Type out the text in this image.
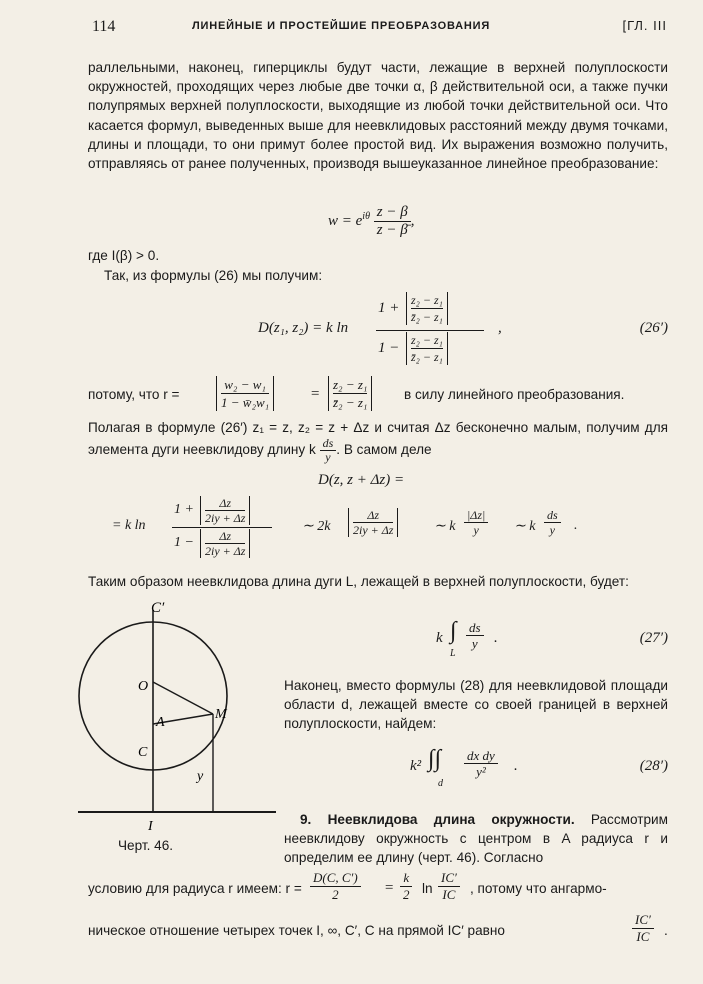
114	ЛИНЕЙНЫЕ И ПРОСТЕЙШИЕ ПРЕОБРАЗОВАНИЯ	[ГЛ. III
раллельными, наконец, гиперциклы будут части, лежащие в верхней полуплоскости окружностей, проходящих через любые две точки α, β действительной оси, а также пучки полупрямых верхней полуплоскости, выходящие из любой точки действительной оси. Что касается формул, выведенных выше для неевклидовых расстояний между двумя точками, длины и площади, то они примут более простой вид. Их выражения возможно получить, отправляясь от ранее полученных, производя вышеуказанное линейное преобразование:
$w = e^{i\theta} \frac{z - \beta}{z - \betā}$ ,
где I(β) > 0.
Так, из формулы (26) мы получим:
D(z₁, z₂) = k ln
$1 + \frac{\text{z₂ − z₁}}{\text{z̄₂ − z₁}}$
$1 - \frac{\text{z₂ − z₁}}{\text{z̄₂ − z₁}}$
,	(26′)
потому, что r =	$\frac{\text{w₂ − w₁}}{\text{1 − w̄₂w₁}} = \frac{\text{z₂ − z₁}}{\text{z̄₂ − z₁}}$ в силу линейного преобразования.
Полагая в формуле (26′) z₁ = z, z₂ = z + Δz и считая Δz бесконечно малым, получим для элемента дуги неевклидову длину k $\frac{ds}{y}$ . В самом деле
D(z, z + Δz) =
= k ln
$1 + \frac{\Delta z}{2iy + \Delta z}$
1 −	Δz
2iy + Δz
∼ 2k
Δz
2iy + Δz	∼ k $\frac{|\Delta z|}{y}$ ∼ k $\frac{ds}{y}$ .
Таким образом неевклидова длина дуги L, лежащей в верхней полуплоскости, будет:
C′
O
A
M
C
y
I
Черт. 46.
k ∫
L
$\frac{ds}{y}$ .	(27′)
Наконец, вместо формулы (28) для неевклидовой площади области d, лежащей вместе со своей границей в верхней полуплоскости, найдем:
k² ∫∫
d
$\frac{\text{dx dy}}{\text{y²}}$ .	(28′)
9. Неевклидова длина окружности. Рассмотрим неевклидову окружность с центром в A радиуса r и определим ее длину (черт. 46). Согласно
условию для радиуса r имеем: $r = \frac{D(C, C')}{2} = \frac{k}{2}$ $\ln \frac{IC'}{IC}$ , потому что ангармо-
ническое отношение четырех точек I, ∞, C′, C на прямой IC′ равно	$\frac{IC'}{IC}$ .
